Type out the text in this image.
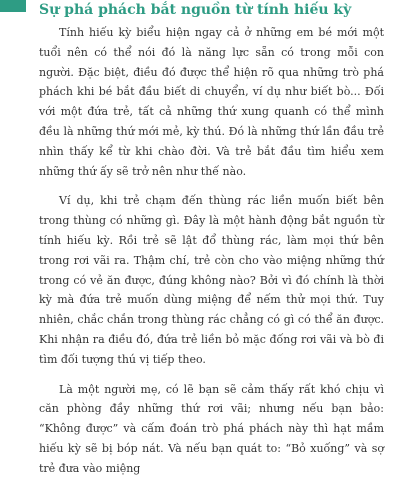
Sự phá phách bắt nguồn từ tính hiếu kỳ

Tính hiếu kỳ biểu hiện ngay cả ở những em bé mới một tuổi nên có thể nói đó là năng lực sẵn có trong mỗi con người. Đặc biệt, điều đó được thể hiện rõ qua những trò phá phách khi bé bắt đầu biết di chuyển, ví dụ như biết bò... Đối với một đứa trẻ, tất cả những thứ xung quanh có thể mình đều là những thứ mới mẻ, kỳ thú. Đó là những thứ lần đầu trẻ nhìn thấy kể từ khi chào đời. Và trẻ bắt đầu tìm hiểu xem những thứ ấy sẽ trở nên như thế nào.

Ví dụ, khi trẻ chạm đến thùng rác liền muốn biết bên trong thùng có những gì. Đây là một hành động bắt nguồn từ tính hiếu kỳ. Rồi trẻ sẽ lật đổ thùng rác, làm mọi thứ bên trong rơi vãi ra. Thậm chí, trẻ còn cho vào miệng những thứ trong có vẻ ăn được, đúng không nào? Bởi vì đó chính là thời kỳ mà đứa trẻ muốn dùng miệng để nếm thử mọi thứ. Tuy nhiên, chắc chắn trong thùng rác chẳng có gì có thể ăn được. Khi nhận ra điều đó, đứa trẻ liền bỏ mặc đống rơi vãi và bò đi tìm đối tượng thú vị tiếp theo.

Là một người mẹ, có lẽ bạn sẽ cảm thấy rất khó chịu vì căn phòng đầy những thứ rơi vãi; nhưng nếu bạn bảo: “Không được” và cấm đoán trò phá phách này thì hạt mầm hiếu kỳ sẽ bị bóp nát. Và nếu bạn quát to: “Bỏ xuống” và sợ trẻ đưa vào miệng
